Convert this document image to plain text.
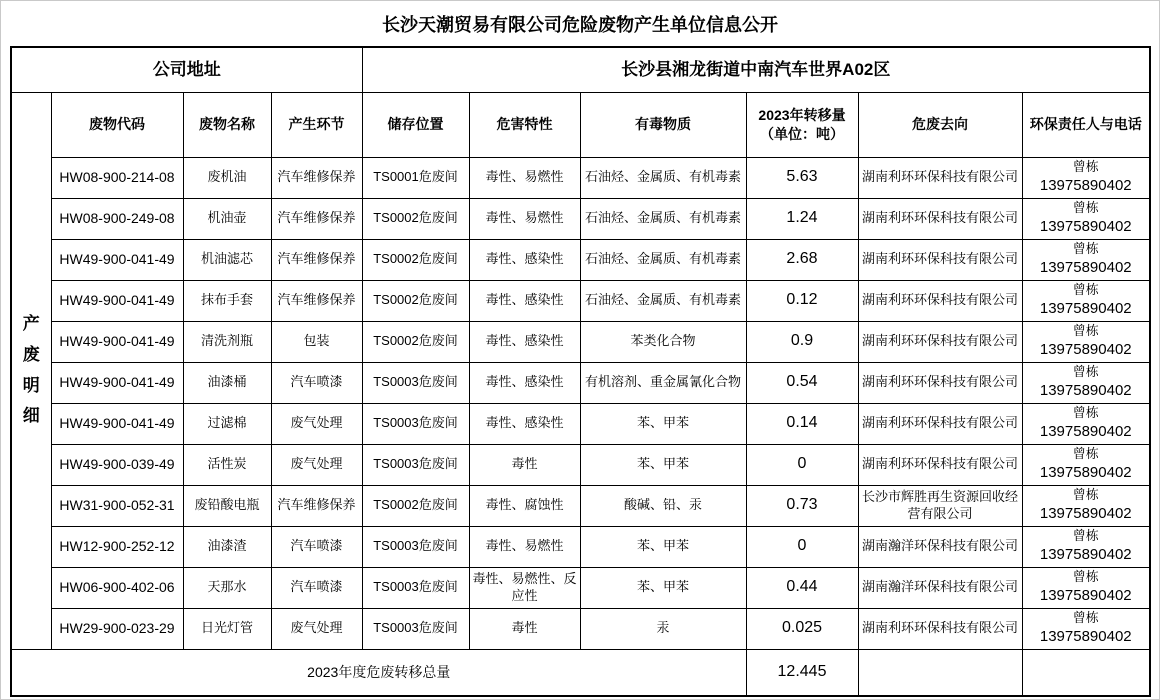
长沙天潮贸易有限公司危险废物产生单位信息公开
公司地址				长沙县湘龙街道中南汽车世界A02区					

产废明细	废物代码	废物名称	产生环节	储存位置	危害特性	有毒物质	2023年转移量
（单位：吨）	危废去向	环保责任人与电话

	HW08-900-214-08	废机油	汽车维修保养	TS0001危废间	毒性、易燃性	石油烃、金属质、有机毒素	5.63	湖南利环环保科技有限公司	曾栋
13975890402

	HW08-900-249-08	机油壶	汽车维修保养	TS0002危废间	毒性、易燃性	石油烃、金属质、有机毒素	1.24	湖南利环环保科技有限公司	曾栋
13975890402

	HW49-900-041-49	机油滤芯	汽车维修保养	TS0002危废间	毒性、感染性	石油烃、金属质、有机毒素	2.68	湖南利环环保科技有限公司	曾栋
13975890402

	HW49-900-041-49	抹布手套	汽车维修保养	TS0002危废间	毒性、感染性	石油烃、金属质、有机毒素	0.12	湖南利环环保科技有限公司	曾栋
13975890402

	HW49-900-041-49	清洗剂瓶	包装	TS0002危废间	毒性、感染性	苯类化合物	0.9	湖南利环环保科技有限公司	曾栋
13975890402

	HW49-900-041-49	油漆桶	汽车喷漆	TS0003危废间	毒性、感染性	有机溶剂、重金属氰化合物	0.54	湖南利环环保科技有限公司	曾栋
13975890402

	HW49-900-041-49	过滤棉	废气处理	TS0003危废间	毒性、感染性	苯、甲苯	0.14	湖南利环环保科技有限公司	曾栋
13975890402

	HW49-900-039-49	活性炭	废气处理	TS0003危废间	毒性	苯、甲苯	0	湖南利环环保科技有限公司	曾栋
13975890402

	HW31-900-052-31	废铅酸电瓶	汽车维修保养	TS0002危废间	毒性、腐蚀性	酸碱、铅、汞	0.73	长沙市辉胜再生资源回收经营有限公司	曾栋
13975890402

	HW12-900-252-12	油漆渣	汽车喷漆	TS0003危废间	毒性、易燃性	苯、甲苯	0	湖南瀚洋环保科技有限公司	曾栋
13975890402

	HW06-900-402-06	天那水	汽车喷漆	TS0003危废间	毒性、易燃性、反应性	苯、甲苯	0.44	湖南瀚洋环保科技有限公司	曾栋
13975890402

	HW29-900-023-29	日光灯管	废气处理	TS0003危废间	毒性	汞	0.025	湖南利环环保科技有限公司	曾栋
13975890402

2023年度危废转移总量							12.445		
